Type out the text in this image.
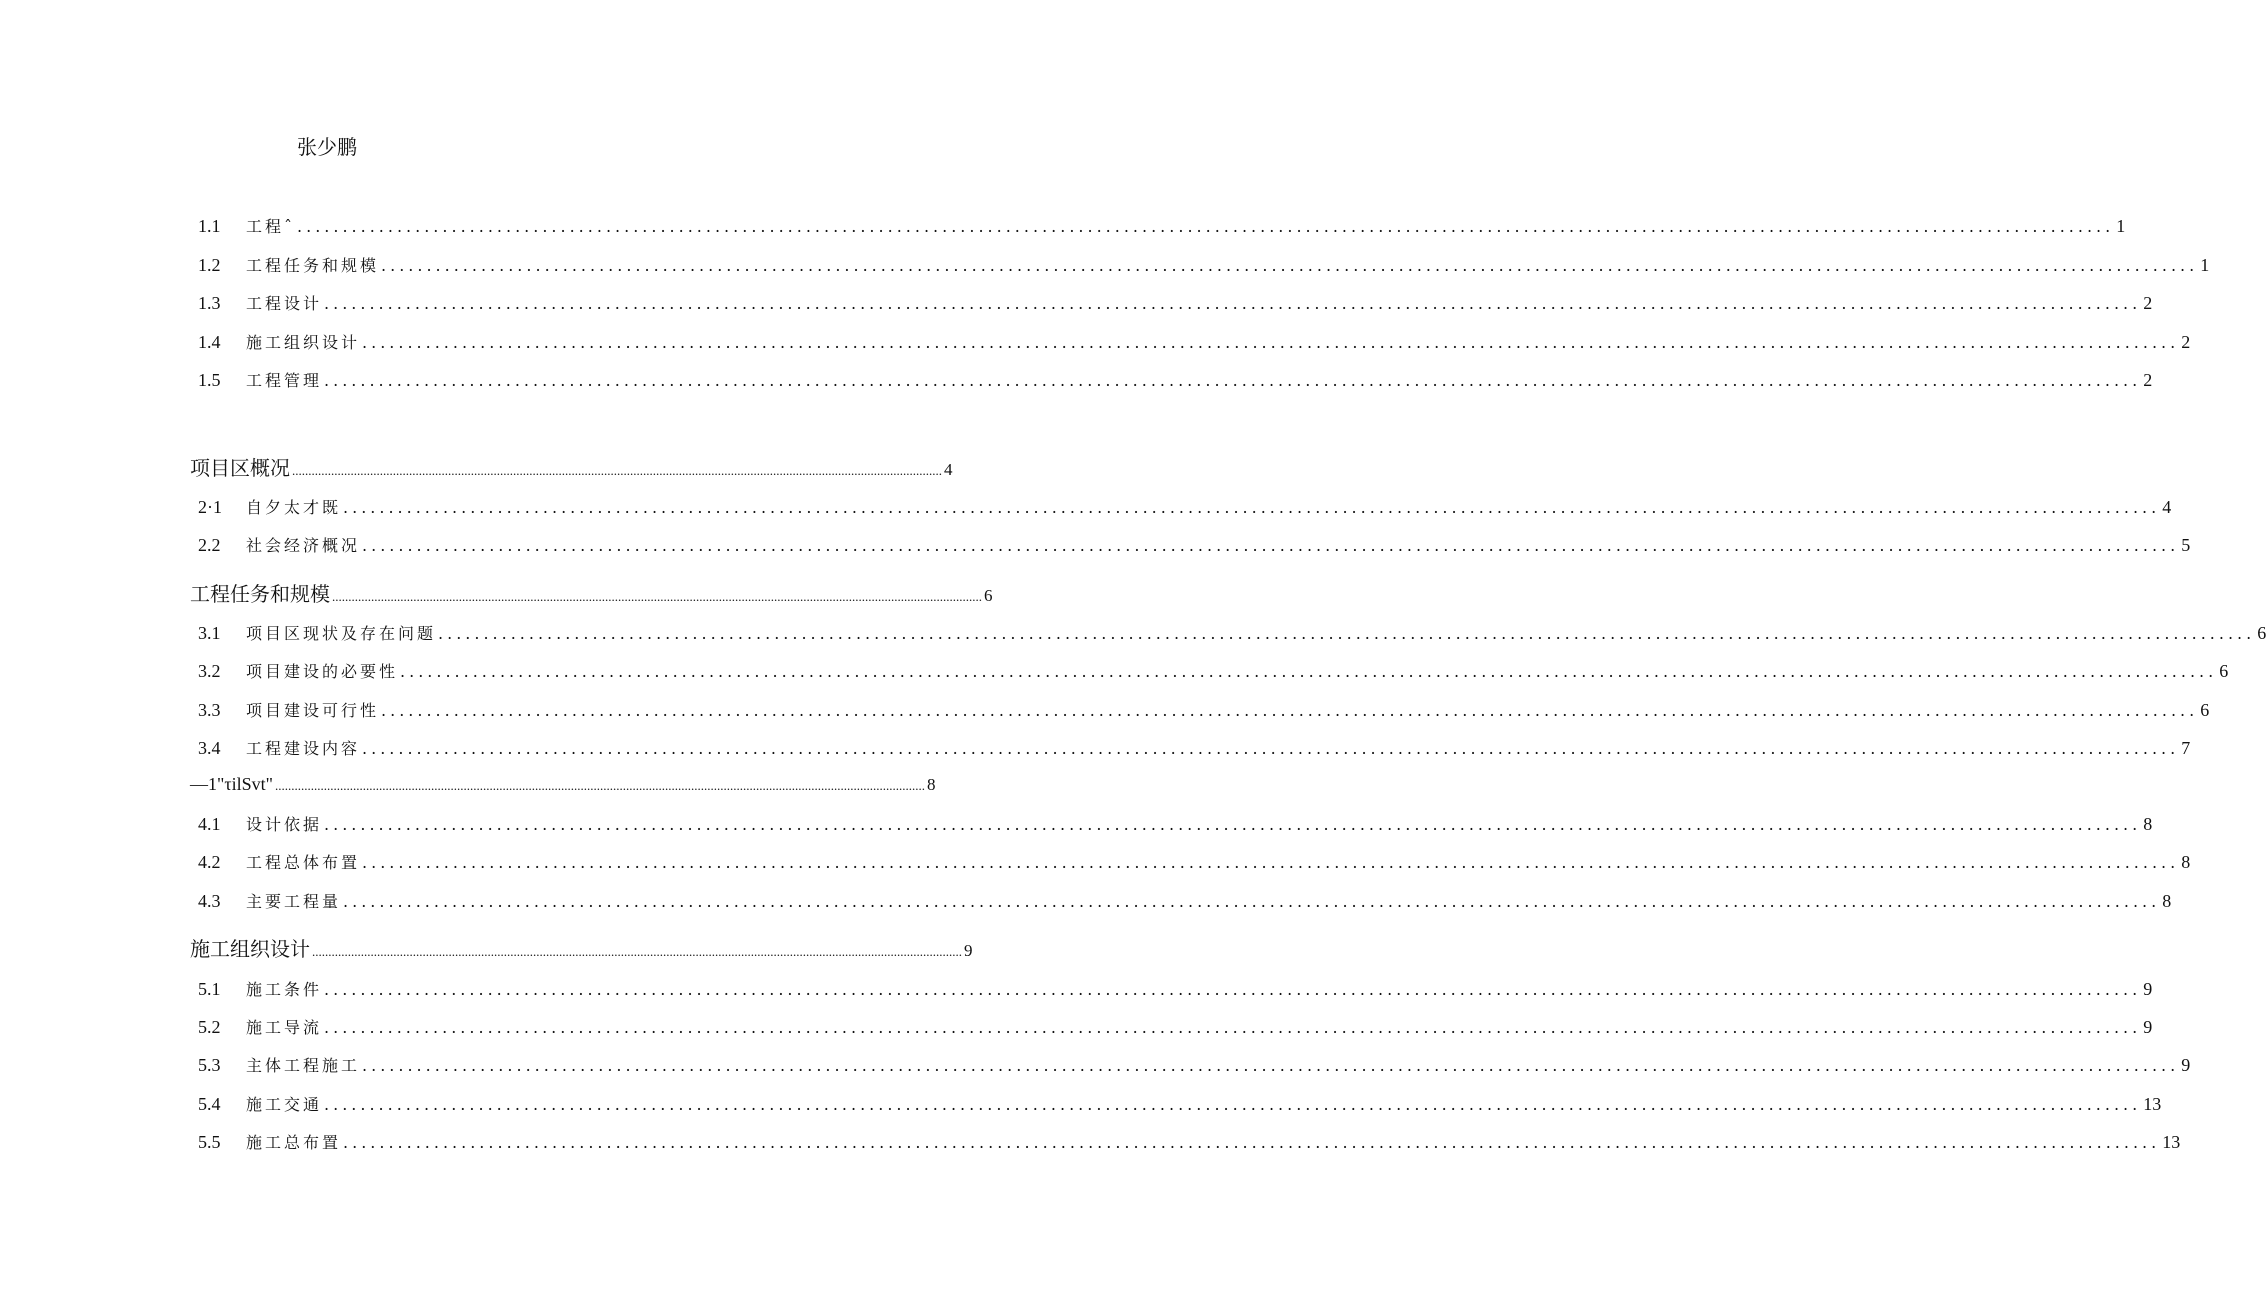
张少鹏
1.1	工程ˆ ........................................................................................................................................................................................................ 1
1.2	工程任务和规模 ........................................................................................................................................................................................................ 1
1.3	工程设计 ........................................................................................................................................................................................................ 2
1.4	施工组织设计 ........................................................................................................................................................................................................ 2
1.5	工程管理 ........................................................................................................................................................................................................ 2
项目区概况 ........................................................................................................................................................................................................ 4
2·1	自夕太才既 ........................................................................................................................................................................................................ 4
2.2	社会经济概况 ........................................................................................................................................................................................................ 5
工程任务和规模 ........................................................................................................................................................................................................ 6
3.1	项目区现状及存在问题 ........................................................................................................................................................................................................ 6
3.2	项目建设的必要性 ........................................................................................................................................................................................................ 6
3.3	项目建设可行性 ........................................................................................................................................................................................................ 6
3.4	工程建设内容 ........................................................................................................................................................................................................ 7
—1"τilSvt" ........................................................................................................................................................................................................ 8
4.1	设计依据 ........................................................................................................................................................................................................ 8
4.2	工程总体布置 ........................................................................................................................................................................................................ 8
4.3	主要工程量 ........................................................................................................................................................................................................ 8
施工组织设计 ........................................................................................................................................................................................................ 9
5.1	施工条件 ........................................................................................................................................................................................................ 9
5.2	施工导流 ........................................................................................................................................................................................................ 9
5.3	主体工程施工 ........................................................................................................................................................................................................ 9
5.4	施工交通 ........................................................................................................................................................................................................ 13
5.5	施工总布置 ........................................................................................................................................................................................................ 13
